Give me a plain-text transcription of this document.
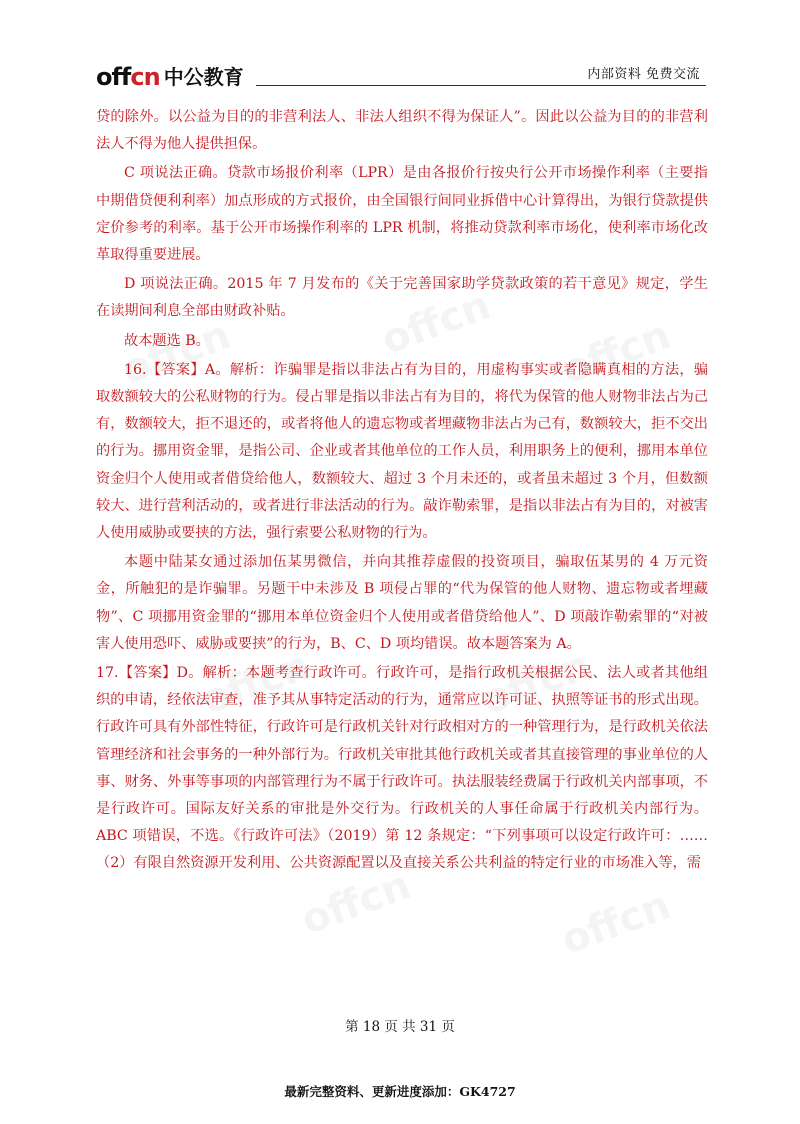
offcn 中公教育	内部资料 免费交流

贷的除外。以公益为目的的非营利法人、非法人组织不得为保证人”。因此以公益为目的的非营利法人不得为他人提供担保。

C 项说法正确。贷款市场报价利率（LPR）是由各报价行按央行公开市场操作利率（主要指中期借贷便利利率）加点形成的方式报价，由全国银行间同业拆借中心计算得出，为银行贷款提供定价参考的利率。基于公开市场操作利率的 LPR 机制，将推动贷款利率市场化，使利率市场化改革取得重要进展。

D 项说法正确。2015 年 7 月发布的《关于完善国家助学贷款政策的若干意见》规定，学生在读期间利息全部由财政补贴。

故本题选 B。

16.【答案】A。解析：诈骗罪是指以非法占有为目的，用虚构事实或者隐瞒真相的方法，骗取数额较大的公私财物的行为。侵占罪是指以非法占有为目的，将代为保管的他人财物非法占为己有，数额较大，拒不退还的，或者将他人的遗忘物或者埋藏物非法占为己有，数额较大，拒不交出的行为。挪用资金罪，是指公司、企业或者其他单位的工作人员，利用职务上的便利，挪用本单位资金归个人使用或者借贷给他人，数额较大、超过 3 个月未还的，或者虽未超过 3 个月，但数额较大、进行营利活动的，或者进行非法活动的行为。敲诈勒索罪，是指以非法占有为目的，对被害人使用威胁或要挟的方法，强行索要公私财物的行为。

本题中陆某女通过添加伍某男微信，并向其推荐虚假的投资项目，骗取伍某男的 4 万元资金，所触犯的是诈骗罪。另题干中未涉及 B 项侵占罪的“代为保管的他人财物、遗忘物或者埋藏物”、C 项挪用资金罪的“挪用本单位资金归个人使用或者借贷给他人”、D 项敲诈勒索罪的“对被害人使用恐吓、威胁或要挟”的行为，B、C、D 项均错误。故本题答案为 A。

17.【答案】D。解析：本题考查行政许可。行政许可，是指行政机关根据公民、法人或者其他组织的申请，经依法审查，准予其从事特定活动的行为，通常应以许可证、执照等证书的形式出现。行政许可具有外部性特征，行政许可是行政机关针对行政相对方的一种管理行为，是行政机关依法管理经济和社会事务的一种外部行为。行政机关审批其他行政机关或者其直接管理的事业单位的人事、财务、外事等事项的内部管理行为不属于行政许可。执法服装经费属于行政机关内部事项，不是行政许可。国际友好关系的审批是外交行为。行政机关的人事任命属于行政机关内部行为。ABC 项错误，不选。《行政许可法》（2019）第 12 条规定：“下列事项可以设定行政许可：……（2）有限自然资源开发利用、公共资源配置以及直接关系公共利益的特定行业的市场准入等，需

第 18 页 共 31 页
最新完整资料、更新进度添加：GK4727
